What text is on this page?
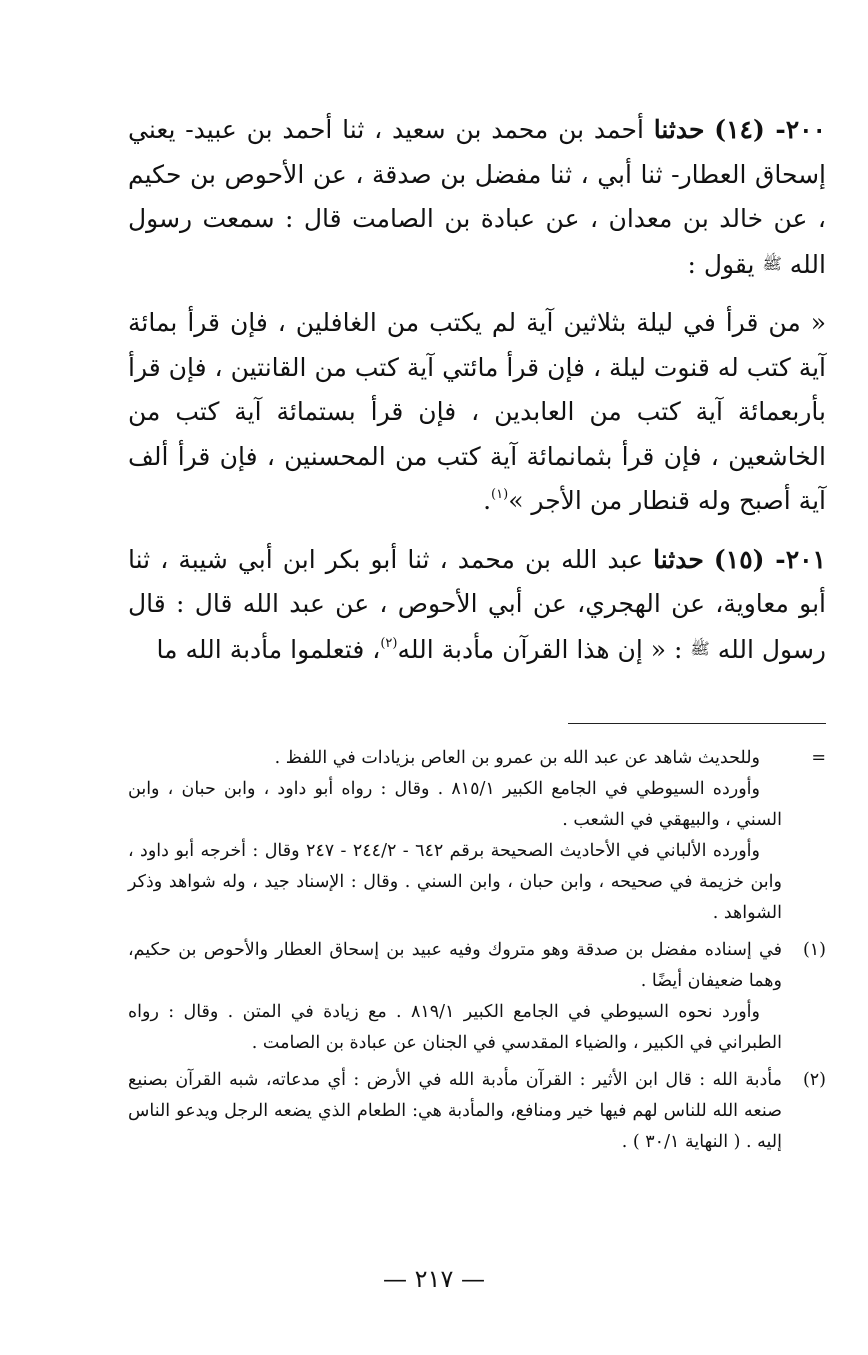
٢٠٠- (١٤) حدثنا أحمد بن محمد بن سعيد ، ثنا أحمد بن عبيد- يعني إسحاق العطار- ثنا أبي ، ثنا مفضل بن صدقة ، عن الأحوص بن حكيم ، عن خالد بن معدان ، عن عبادة بن الصامت قال : سمعت رسول الله ﷺ يقول :

« من قرأ في ليلة بثلاثين آية لم يكتب من الغافلين ، فإن قرأ بمائة آية كتب له قنوت ليلة ، فإن قرأ مائتي آية كتب من القانتين ، فإن قرأ بأربعمائة آية كتب من العابدين ، فإن قرأ بستمائة آية كتب من الخاشعين ، فإن قرأ بثمانمائة آية كتب من المحسنين ، فإن قرأ ألف آية أصبح وله قنطار من الأجر »$^{(١)}$.

٢٠١- (١٥) حدثنا عبد الله بن محمد ، ثنا أبو بكر ابن أبي شيبة ، ثنا أبو معاوية، عن الهجري، عن أبي الأحوص ، عن عبد الله قال : قال رسول الله ﷺ : « إن هذا القرآن مأدبة الله$^{(٢)}$، فتعلموا مأدبة الله ما

=

وللحديث شاهد عن عبد الله بن عمرو بن العاص بزيادات في اللفظ .

وأورده السيوطي في الجامع الكبير ٨١٥/١ . وقال : رواه أبو داود ، وابن حبان ، وابن السني ، والبيهقي في الشعب .

وأورده الألباني في الأحاديث الصحيحة برقم ٦٤٢ - ٢٤٤/٢ - ٢٤٧ وقال : أخرجه أبو داود ، وابن خزيمة في صحيحه ، وابن حبان ، وابن السني . وقال : الإسناد جيد ، وله شواهد وذكر الشواهد .

(١)

في إسناده مفضل بن صدقة وهو متروك وفيه عبيد بن إسحاق العطار والأحوص بن حكيم، وهما ضعيفان أيضًا .

وأورد نحوه السيوطي في الجامع الكبير ٨١٩/١ . مع زيادة في المتن . وقال : رواه الطبراني في الكبير ، والضياء المقدسي في الجنان عن عبادة بن الصامت .

(٢)

مأدبة الله : قال ابن الأثير : القرآن مأدبة الله في الأرض : أي مدعاته، شبه القرآن بصنيع صنعه الله للناس لهم فيها خير ومنافع، والمأدبة هي: الطعام الذي يضعه الرجل ويدعو الناس إليه . ( النهاية ٣٠/١ ) .

— ٢١٧ —
